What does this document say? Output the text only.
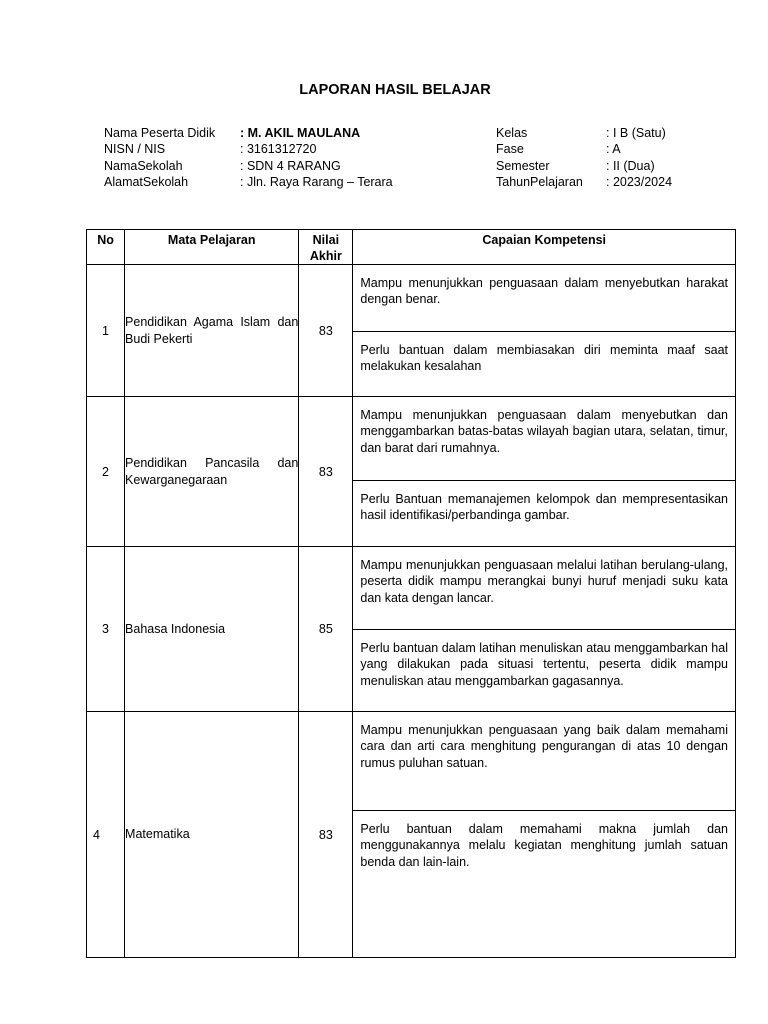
LAPORAN HASIL BELAJAR
Nama Peserta Didik	: M. AKIL MAULANA
NISN / NIS	: 3161312720
NamaSekolah	: SDN 4 RARANG
AlamatSekolah	: Jln. Raya Rarang – Terara
Kelas	: I B (Satu)
Fase	: A
Semester	: II (Dua)
TahunPelajaran	: 2023/2024
No	Mata Pelajaran	Nilai Akhir	Capaian Kompetensi
1	Pendidikan Agama Islam dan Budi Pekerti	83	Mampu menunjukkan penguasaan dalam menyebutkan harakat dengan benar.
Perlu bantuan dalam membiasakan diri meminta maaf saat melakukan kesalahan

2	Pendidikan Pancasila dan Kewarganegaraan	83	Mampu menunjukkan penguasaan dalam menyebutkan dan menggambarkan batas-batas wilayah bagian utara, selatan, timur, dan barat dari rumahnya.
Perlu Bantuan memanajemen kelompok dan mempresentasikan hasil identifikasi/perbandinga gambar.

3	Bahasa Indonesia	85	Mampu menunjukkan penguasaan melalui latihan berulang-ulang, peserta didik mampu merangkai bunyi huruf menjadi suku kata dan kata dengan lancar.
Perlu bantuan dalam latihan menuliskan atau menggambarkan hal yang dilakukan pada situasi tertentu, peserta didik mampu menuliskan atau menggambarkan gagasannya.

4	Matematika	83	Mampu menunjukkan penguasaan yang baik dalam memahami cara dan arti cara menghitung pengurangan di atas 10 dengan rumus puluhan satuan.
Perlu bantuan dalam memahami makna jumlah dan menggunakannya melalu kegiatan menghitung jumlah satuan benda dan lain-lain.
